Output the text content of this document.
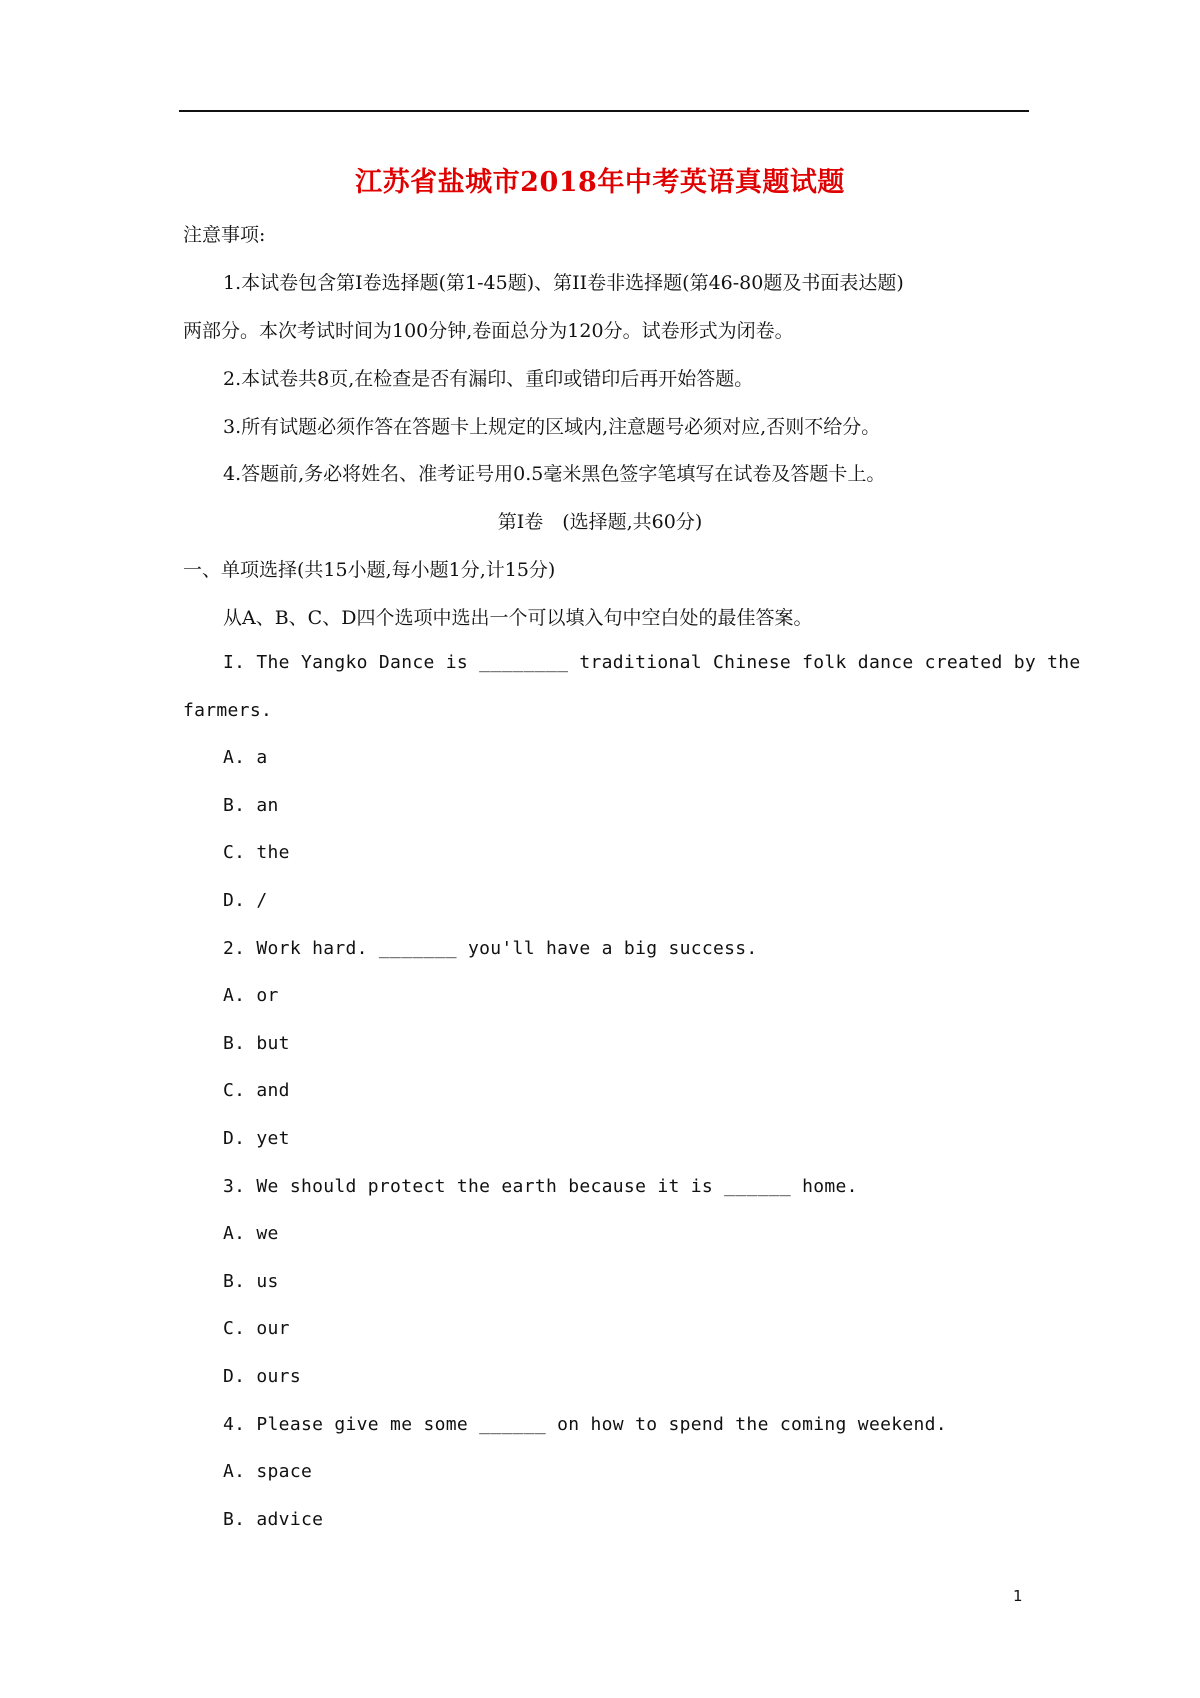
江苏省盐城市2018年中考英语真题试题
注意事项:
1.本试卷包含第Ⅰ卷选择题(第1-45题)、第II卷非选择题(第46-80题及书面表达题)
两部分。本次考试时间为100分钟,卷面总分为120分。试卷形式为闭卷。
2.本试卷共8页,在检查是否有漏印、重印或错印后再开始答题。
3.所有试题必须作答在答题卡上规定的区域内,注意题号必须对应,否则不给分。
4.答题前,务必将姓名、准考证号用0.5毫米黑色签字笔填写在试卷及答题卡上。
第Ⅰ卷　(选择题,共60分)
一、单项选择(共15小题,每小题1分,计15分)
从A、B、C、D四个选项中选出一个可以填入句中空白处的最佳答案。
I. The Yangko Dance is ________ traditional Chinese folk dance created by the
farmers.
A. a
B. an
C. the
D. /
2. Work hard. _______ you'll have a big success.
A. or
B. but
C. and
D. yet
3. We should protect the earth because it is ______ home.
A. we
B. us
C. our
D. ours
4. Please give me some ______ on how to spend the coming weekend.
A. space
B. advice
1
